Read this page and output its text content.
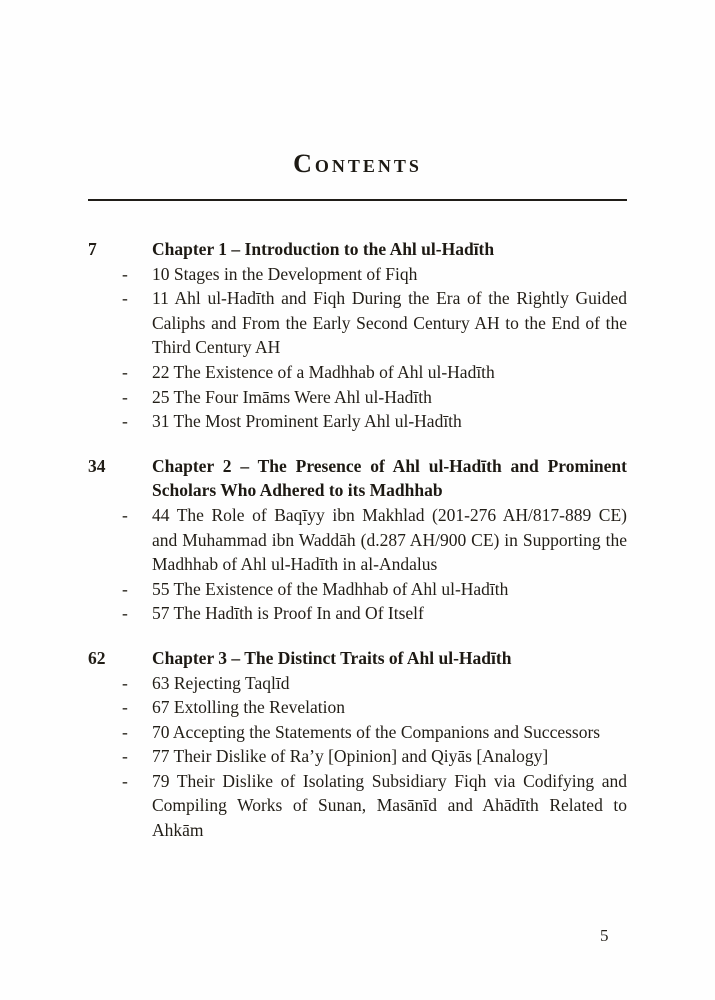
Contents
7	Chapter 1 – Introduction to the Ahl ul-Hadīth
-	10 Stages in the Development of Fiqh
-	11 Ahl ul-Hadīth and Fiqh During the Era of the Rightly Guided Caliphs and From the Early Second Century AH to the End of the Third Century AH
-	22 The Existence of a Madhhab of Ahl ul-Hadīth
-	25 The Four Imāms Were Ahl ul-Hadīth
-	31 The Most Prominent Early Ahl ul-Hadīth
34	Chapter 2 – The Presence of Ahl ul-Hadīth and Prominent Scholars Who Adhered to its Madhhab
-	44 The Role of Baqīyy ibn Makhlad (201-276 AH/817-889 CE) and Muhammad ibn Waddāh (d.287 AH/900 CE) in Supporting the Madhhab of Ahl ul-Hadīth in al-Andalus
-	55 The Existence of the Madhhab of Ahl ul-Hadīth
-	57 The Hadīth is Proof In and Of Itself
62	Chapter 3 – The Distinct Traits of Ahl ul-Hadīth
-	63 Rejecting Taqlīd
-	67 Extolling the Revelation
-	70 Accepting the Statements of the Companions and Successors
-	77 Their Dislike of Ra’y [Opinion] and Qiyās [Analogy]
-	79 Their Dislike of Isolating Subsidiary Fiqh via Codifying and Compiling Works of Sunan, Masānīd and Ahādīth Related to Ahkām
5
